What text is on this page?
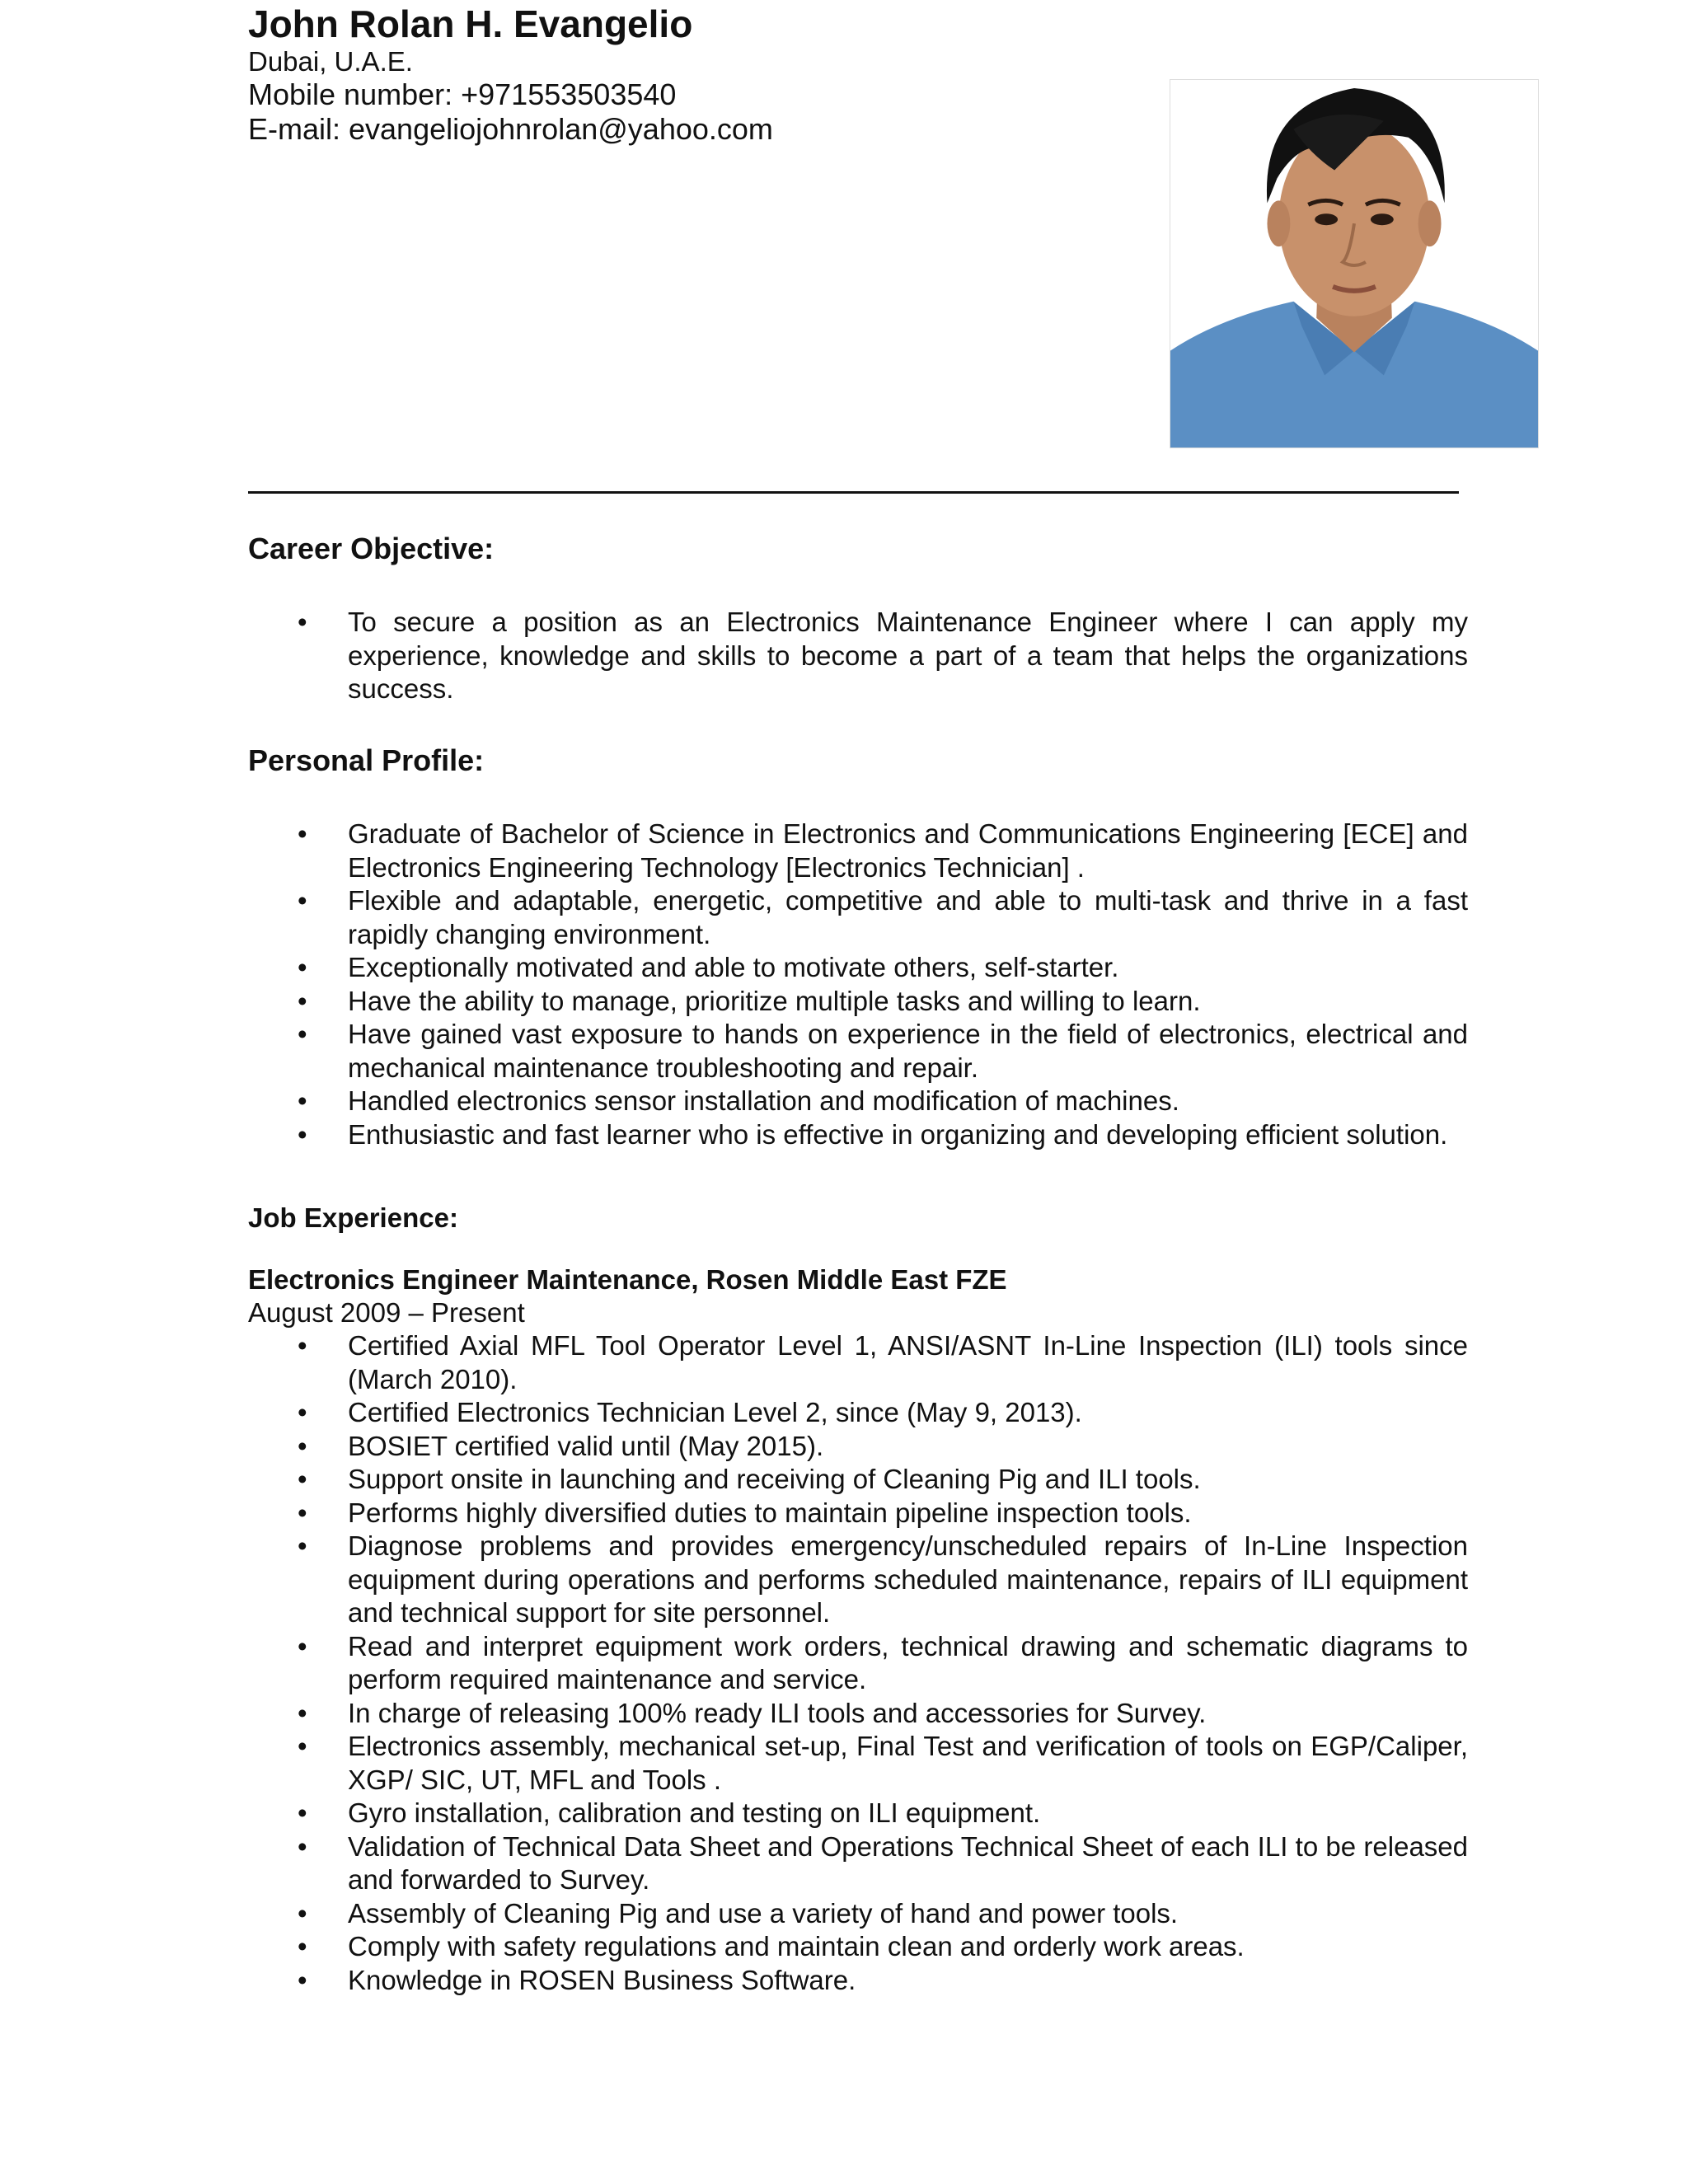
John Rolan H. Evangelio
Dubai, U.A.E.
Mobile number: +971553503540
E-mail: evangeliojohnrolan@yahoo.com
Career Objective:
• To secure a position as an Electronics Maintenance Engineer where I can apply my experience, knowledge and skills to become a part of a team that helps the organizations success.
Personal Profile:
• Graduate of Bachelor of Science in Electronics and Communications Engineering [ECE] and Electronics Engineering Technology [Electronics Technician] .
• Flexible and adaptable, energetic, competitive and able to multi-task and thrive in a fast rapidly changing environment.
• Exceptionally motivated and able to motivate others, self-starter.
• Have the ability to manage, prioritize multiple tasks and willing to learn.
• Have gained vast exposure to hands on experience in the field of electronics, electrical and mechanical maintenance troubleshooting and repair.
• Handled electronics sensor installation and modification of machines.
• Enthusiastic and fast learner who is effective in organizing and developing efficient solution.
Job Experience:
Electronics Engineer Maintenance, Rosen Middle East FZE
August 2009 – Present
• Certified Axial MFL Tool Operator Level 1, ANSI/ASNT In-Line Inspection (ILI) tools since (March 2010).
• Certified Electronics Technician Level 2, since (May 9, 2013).
• BOSIET certified valid until (May 2015).
• Support onsite in launching and receiving of Cleaning Pig and ILI tools.
• Performs highly diversified duties to maintain pipeline inspection tools.
• Diagnose problems and provides emergency/unscheduled repairs of In-Line Inspection equipment during operations and performs scheduled maintenance, repairs of ILI equipment and technical support for site personnel.
• Read and interpret equipment work orders, technical drawing and schematic diagrams to perform required maintenance and service.
• In charge of releasing 100% ready ILI tools and accessories for Survey.
• Electronics assembly, mechanical set-up, Final Test and verification of tools on EGP/Caliper, XGP/ SIC, UT, MFL and Tools .
• Gyro installation, calibration and testing on ILI equipment.
• Validation of Technical Data Sheet and Operations Technical Sheet of each ILI to be released and forwarded to Survey.
• Assembly of Cleaning Pig and use a variety of hand and power tools.
• Comply with safety regulations and maintain clean and orderly work areas.
• Knowledge in ROSEN Business Software.
